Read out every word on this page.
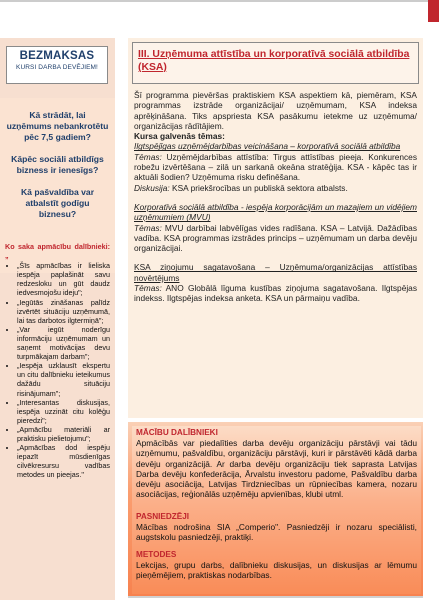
BEZMAKSAS
KURSI DARBA DEVĒJIEM!
Kā strādāt, lai uzņēmums nebankrotētu pēc 7,5 gadiem?
Kāpēc sociāli atbildīgs bizness ir ienesīgs?
Kā pašvaldība var atbalstīt godīgu biznesu?
Ko saka apmācību dalībnieki: „
• „Šīs apmācības ir lieliska iespēja paplašināt savu redzesloku un gūt daudz iedvesmojošu ideju";
• „Iegūtās zināšanas palīdz izvērtēt situāciju uzņēmumā, lai tas darbotos ilgtermiņā";
• „Var iegūt noderīgu informāciju uzņēmumam un saņemt motivācijas devu turpmākajam darbam";
• „Iespēja uzklausīt ekspertu un citu dalībnieku ieteikumus dažādu situāciju risinājumam";
• „Interesantas diskusijas, iespēja uzzināt citu kolēģu pieredzi";
• „Apmācību materiāli ar praktisku pielietojumu";
• „Apmācības dod iespēju iepazīt mūsdienīgas cilvēkresursu vadības metodes un pieejas."
III. Uzņēmuma attīstība un korporatīvā sociālā atbildība (KSA)

Šī programma pievēršas praktiskiem KSA aspektiem kā, piemēram, KSA programmas izstrāde organizācijai/ uzņēmumam, KSA indeksa aprēķināšana. Tiks apspriesta KSA pasākumu ietekme uz uzņēmuma/ organizācijas rādītājiem.

Kursa galvenās tēmas:

Ilgtspējīgas uzņēmējdarbības veicināšana – korporatīvā sociālā atbildība

Tēmas: Uzņēmējdarbības attīstība: Tirgus attīstības pieeja. Konkurences robežu izvērtēšana – zilā un sarkanā okeāna stratēģija. KSA - kāpēc tas ir aktuāli šodien? Uzņēmuma risku definēšana.

Diskusija: KSA priekšrocības un publiskā sektora atbalsts.

Korporatīvā sociālā atbildība - iespēja korporācijām un mazajiem un vidējiem uzņēmumiem (MVU)

Tēmas: MVU darbībai labvēlīgas vides radīšana. KSA – Latvijā. Dažādības vadība. KSA programmas izstrādes princips – uzņēmumam un darba devēju organizācijai.

KSA ziņojumu sagatavošana – Uzņēmuma/organizācijas attīstības novērtējums

Tēmas: ANO Globālā līguma kustības ziņojuma sagatavošana. Ilgtspējas indekss. Ilgtspējas indeksa anketa. KSA un pārmaiņu vadība.

MĀCĪBU DALĪBNIEKI
Apmācībās var piedalīties darba devēju organizāciju pārstāvji vai tādu uzņēmumu, pašvaldību, organizāciju pārstāvji, kuri ir pārstāvēti kādā darba devēju organizācijā. Ar darba devēju organizāciju tiek saprasta Latvijas Darba devēju konfederācija, Ārvalstu investoru padome, Pašvaldību darba devēju asociācija, Latvijas Tirdzniecības un rūpniecības kamera, nozaru asociācijas, reģionālās uzņēmēju apvienības, klubi utml.
PASNIEDZĒJI
Mācības nodrošina SIA „Comperio". Pasniedzēji ir nozaru speciālisti, augstskolu pasniedzēji, praktiķi.
METODES
Lekcijas, grupu darbs, dalībnieku diskusijas, un diskusijas ar lēmumu pieņēmējiem, praktiskas nodarbības.
